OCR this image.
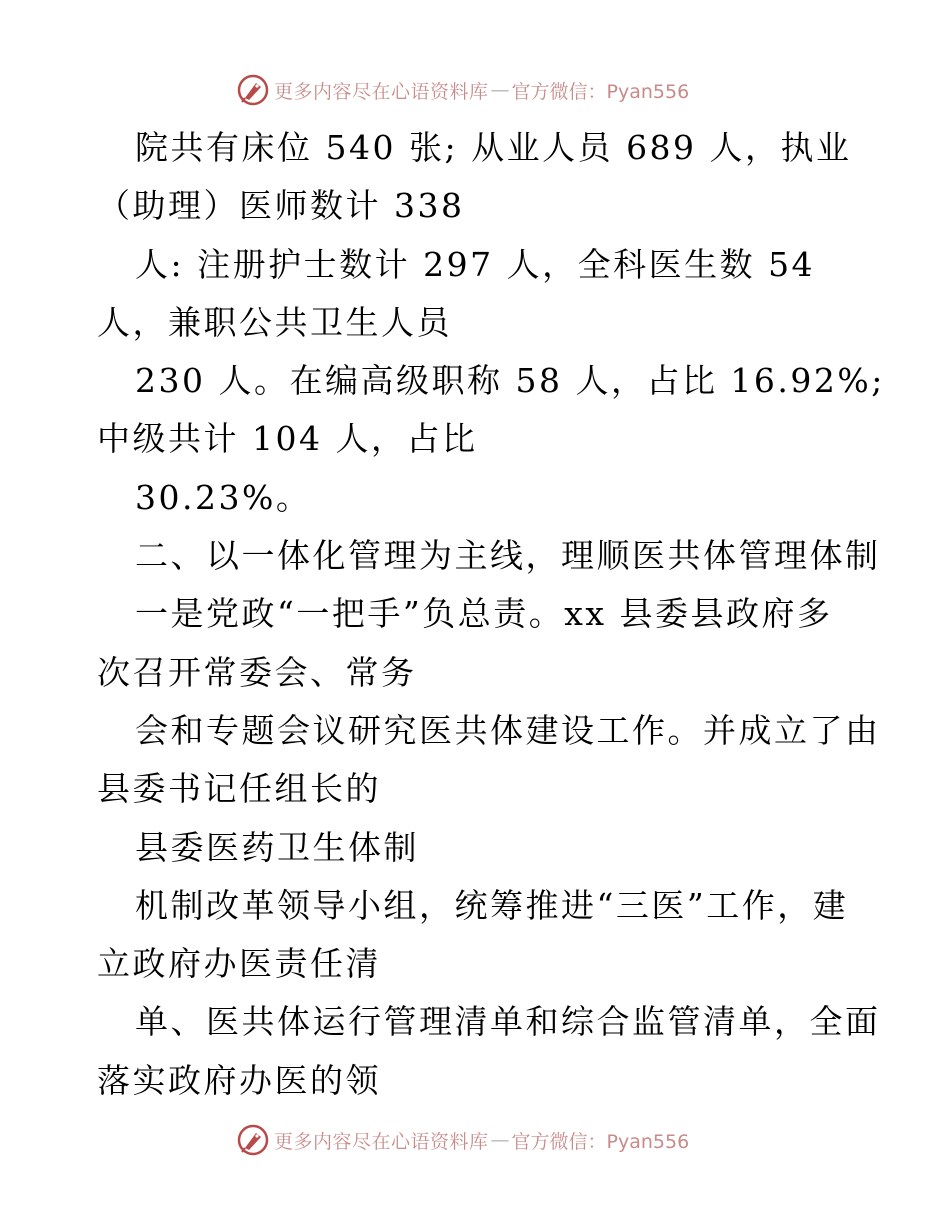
更多内容尽在心语资料库 — 官方微信：Pyan556
院共有床位 540 张; 从业人员 689 人，执业
（助理）医师数计 338
人: 注册护士数计 297 人，全科医生数 54
人，兼职公共卫生人员
230 人。在编高级职称 58 人，占比 16.92%;
中级共计 104 人，占比
30.23%。
二、以一体化管理为主线，理顺医共体管理体制
一是党政“一把手”负总责。xx 县委县政府多
次召开常委会、常务
会和专题会议研究医共体建设工作。并成立了由
县委书记任组长的
县委医药卫生体制
机制改革领导小组，统筹推进“三医”工作，建
立政府办医责任清
单、医共体运行管理清单和综合监管清单，全面
落实政府办医的领
更多内容尽在心语资料库 — 官方微信：Pyan556
